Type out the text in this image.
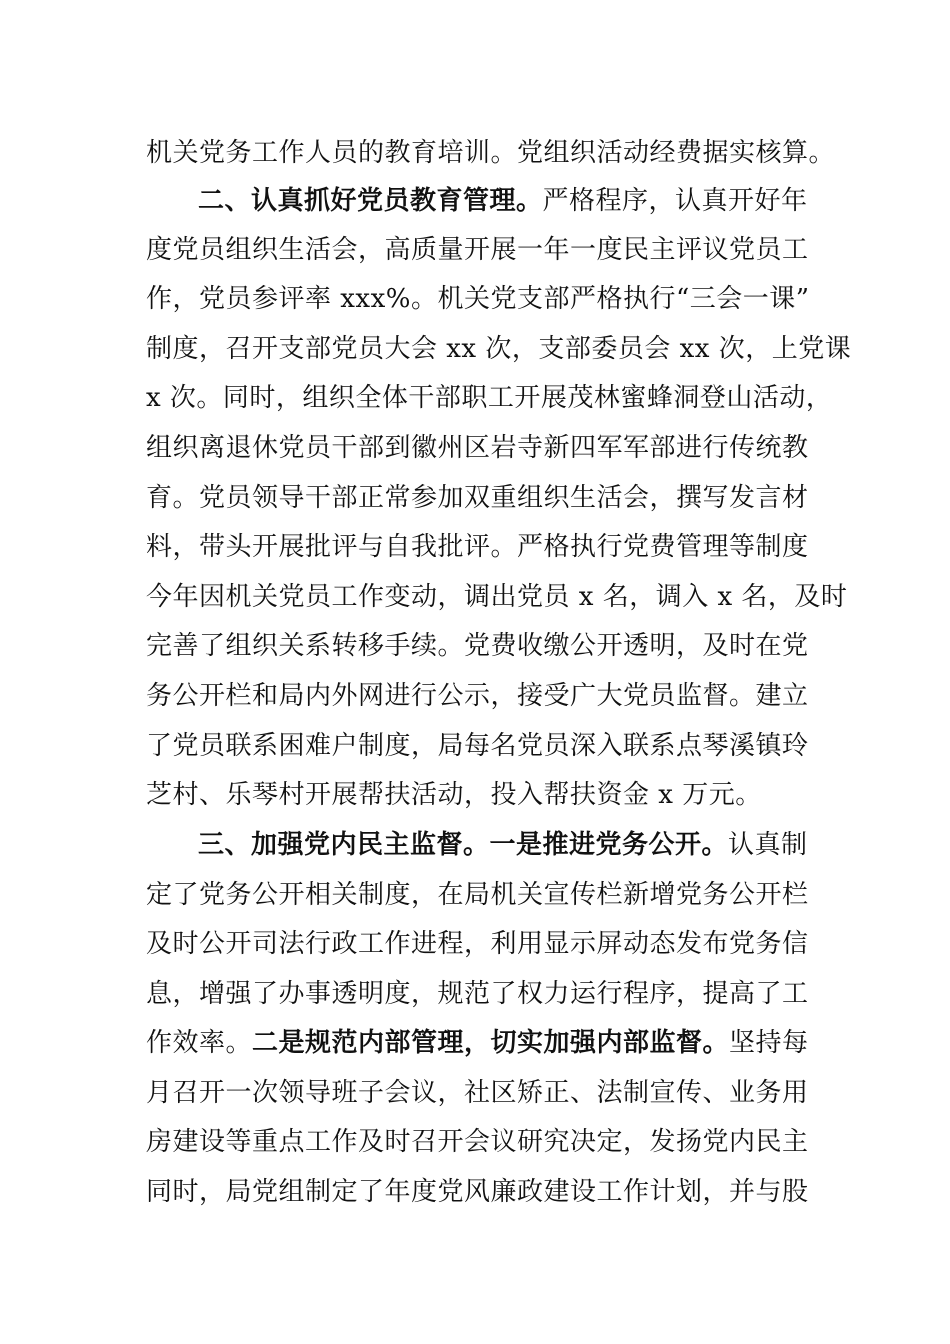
机关党务工作人员的教育培训。党组织活动经费据实核算。
二、认真抓好党员教育管理。严格程序，认真开好年
度党员组织生活会，高质量开展一年一度民主评议党员工
作，党员参评率 xxx%。机关党支部严格执行“三会一课”
制度，召开支部党员大会 xx 次，支部委员会 xx 次，上党课
x 次。同时，组织全体干部职工开展茂林蜜蜂洞登山活动，
组织离退休党员干部到徽州区岩寺新四军军部进行传统教
育。党员领导干部正常参加双重组织生活会，撰写发言材
料，带头开展批评与自我批评。严格执行党费管理等制度
今年因机关党员工作变动，调出党员 x 名，调入 x 名，及时
完善了组织关系转移手续。党费收缴公开透明，及时在党
务公开栏和局内外网进行公示，接受广大党员监督。建立
了党员联系困难户制度，局每名党员深入联系点琴溪镇玲
芝村、乐琴村开展帮扶活动，投入帮扶资金 x 万元。
三、加强党内民主监督。一是推进党务公开。认真制
定了党务公开相关制度，在局机关宣传栏新增党务公开栏
及时公开司法行政工作进程，利用显示屏动态发布党务信
息，增强了办事透明度，规范了权力运行程序，提高了工
作效率。二是规范内部管理，切实加强内部监督。坚持每
月召开一次领导班子会议，社区矫正、法制宣传、业务用
房建设等重点工作及时召开会议研究决定，发扬党内民主
同时，局党组制定了年度党风廉政建设工作计划，并与股
